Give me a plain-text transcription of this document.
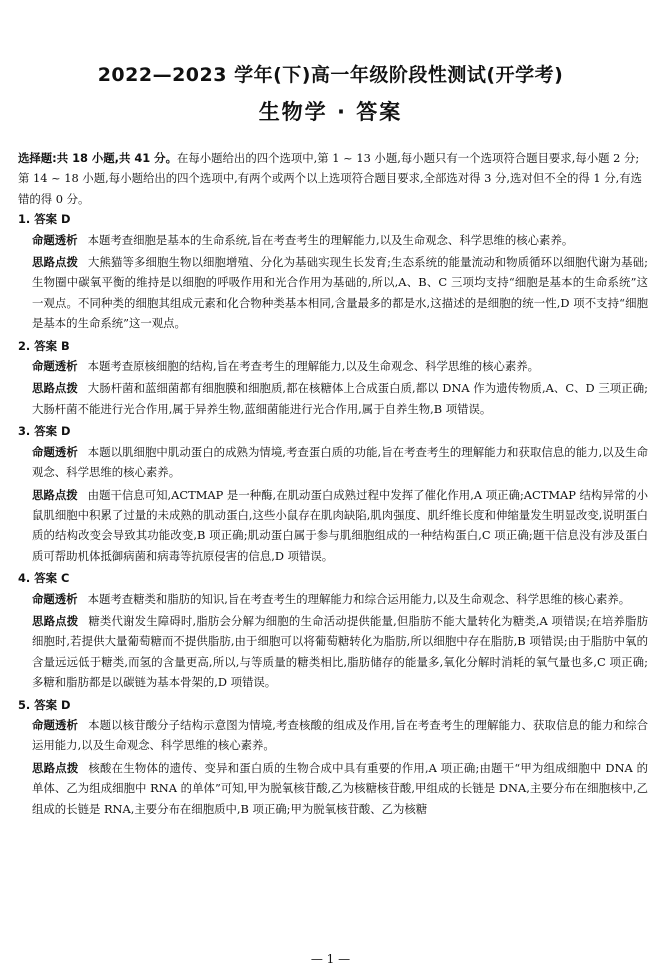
2022—2023 学年(下)高一年级阶段性测试(开学考)
生物学 · 答案

选择题:共 18 小题,共 41 分。在每小题给出的四个选项中,第 1 ~ 13 小题,每小题只有一个选项符合题目要求,每小题 2 分;第 14 ~ 18 小题,每小题给出的四个选项中,有两个或两个以上选项符合题目要求,全部选对得 3 分,选对但不全的得 1 分,有选错的得 0 分。

1. 答案 D

命题透析 本题考查细胞是基本的生命系统,旨在考查考生的理解能力,以及生命观念、科学思维的核心素养。

思路点拨 大熊猫等多细胞生物以细胞增殖、分化为基础实现生长发育;生态系统的能量流动和物质循环以细胞代谢为基础;生物圈中碳氧平衡的维持是以细胞的呼吸作用和光合作用为基础的,所以,A、B、C 三项均支持“细胞是基本的生命系统”这一观点。不同种类的细胞其组成元素和化合物种类基本相同,含量最多的都是水,这描述的是细胞的统一性,D 项不支持“细胞是基本的生命系统”这一观点。

2. 答案 B

命题透析 本题考查原核细胞的结构,旨在考查考生的理解能力,以及生命观念、科学思维的核心素养。

思路点拨 大肠杆菌和蓝细菌都有细胞膜和细胞质,都在核糖体上合成蛋白质,都以 DNA 作为遗传物质,A、C、D 三项正确;大肠杆菌不能进行光合作用,属于异养生物,蓝细菌能进行光合作用,属于自养生物,B 项错误。

3. 答案 D

命题透析 本题以肌细胞中肌动蛋白的成熟为情境,考查蛋白质的功能,旨在考查考生的理解能力和获取信息的能力,以及生命观念、科学思维的核心素养。

思路点拨 由题干信息可知,ACTMAP 是一种酶,在肌动蛋白成熟过程中发挥了催化作用,A 项正确;ACTMAP 结构异常的小鼠肌细胞中积累了过量的未成熟的肌动蛋白,这些小鼠存在肌肉缺陷,肌肉强度、肌纤维长度和伸缩量发生明显改变,说明蛋白质的结构改变会导致其功能改变,B 项正确;肌动蛋白属于参与肌细胞组成的一种结构蛋白,C 项正确;题干信息没有涉及蛋白质可帮助机体抵御病菌和病毒等抗原侵害的信息,D 项错误。

4. 答案 C

命题透析 本题考查糖类和脂肪的知识,旨在考查考生的理解能力和综合运用能力,以及生命观念、科学思维的核心素养。

思路点拨 糖类代谢发生障碍时,脂肪会分解为细胞的生命活动提供能量,但脂肪不能大量转化为糖类,A 项错误;在培养脂肪细胞时,若提供大量葡萄糖而不提供脂肪,由于细胞可以将葡萄糖转化为脂肪,所以细胞中存在脂肪,B 项错误;由于脂肪中氧的含量远远低于糖类,而氢的含量更高,所以,与等质量的糖类相比,脂肪储存的能量多,氧化分解时消耗的氧气量也多,C 项正确;多糖和脂肪都是以碳链为基本骨架的,D 项错误。

5. 答案 D

命题透析 本题以核苷酸分子结构示意图为情境,考查核酸的组成及作用,旨在考查考生的理解能力、获取信息的能力和综合运用能力,以及生命观念、科学思维的核心素养。

思路点拨 核酸在生物体的遗传、变异和蛋白质的生物合成中具有重要的作用,A 项正确;由题干“甲为组成细胞中 DNA 的单体、乙为组成细胞中 RNA 的单体”可知,甲为脱氧核苷酸,乙为核糖核苷酸,甲组成的长链是 DNA,主要分布在细胞核中,乙组成的长链是 RNA,主要分布在细胞质中,B 项正确;甲为脱氧核苷酸、乙为核糖

— 1 —
